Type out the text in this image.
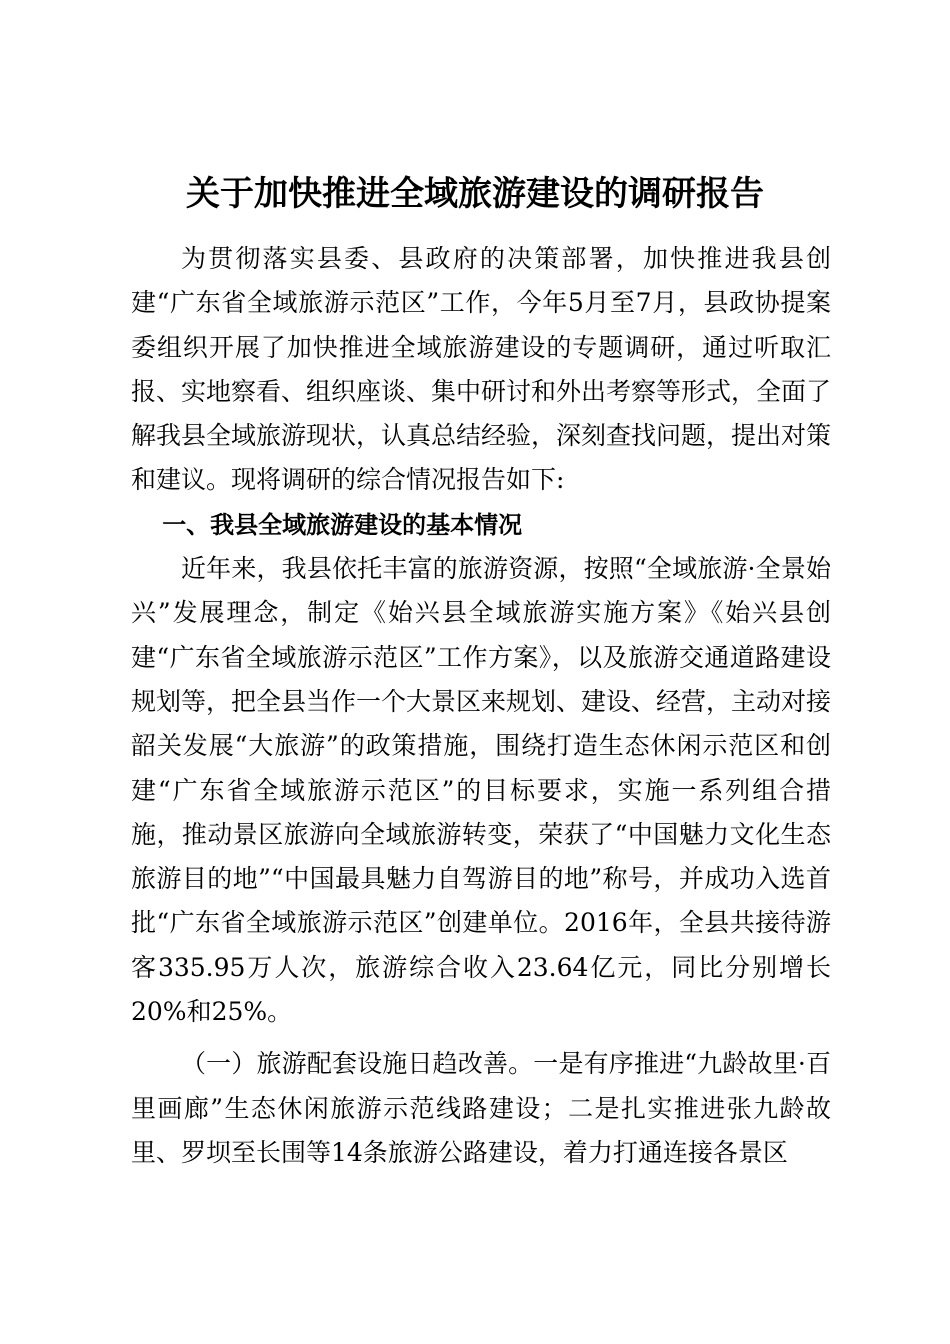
关于加快推进全域旅游建设的调研报告

为贯彻落实县委、县政府的决策部署，加快推进我县创建“广东省全域旅游示范区”工作，今年5月至7月，县政协提案委组织开展了加快推进全域旅游建设的专题调研，通过听取汇报、实地察看、组织座谈、集中研讨和外出考察等形式，全面了解我县全域旅游现状，认真总结经验，深刻查找问题，提出对策和建议。现将调研的综合情况报告如下:

一、我县全域旅游建设的基本情况

近年来，我县依托丰富的旅游资源，按照“全域旅游·全景始兴”发展理念，制定《始兴县全域旅游实施方案》《始兴县创建“广东省全域旅游示范区”工作方案》，以及旅游交通道路建设规划等，把全县当作一个大景区来规划、建设、经营，主动对接韶关发展“大旅游”的政策措施，围绕打造生态休闲示范区和创建“广东省全域旅游示范区”的目标要求，实施一系列组合措施，推动景区旅游向全域旅游转变，荣获了“中国魅力文化生态旅游目的地”“中国最具魅力自驾游目的地”称号，并成功入选首批“广东省全域旅游示范区”创建单位。2016年，全县共接待游客335.95万人次，旅游综合收入23.64亿元，同比分别增长20%和25%。

（一）旅游配套设施日趋改善。一是有序推进“九龄故里·百里画廊”生态休闲旅游示范线路建设；二是扎实推进张九龄故里、罗坝至长围等14条旅游公路建设，着力打通连接各景区
